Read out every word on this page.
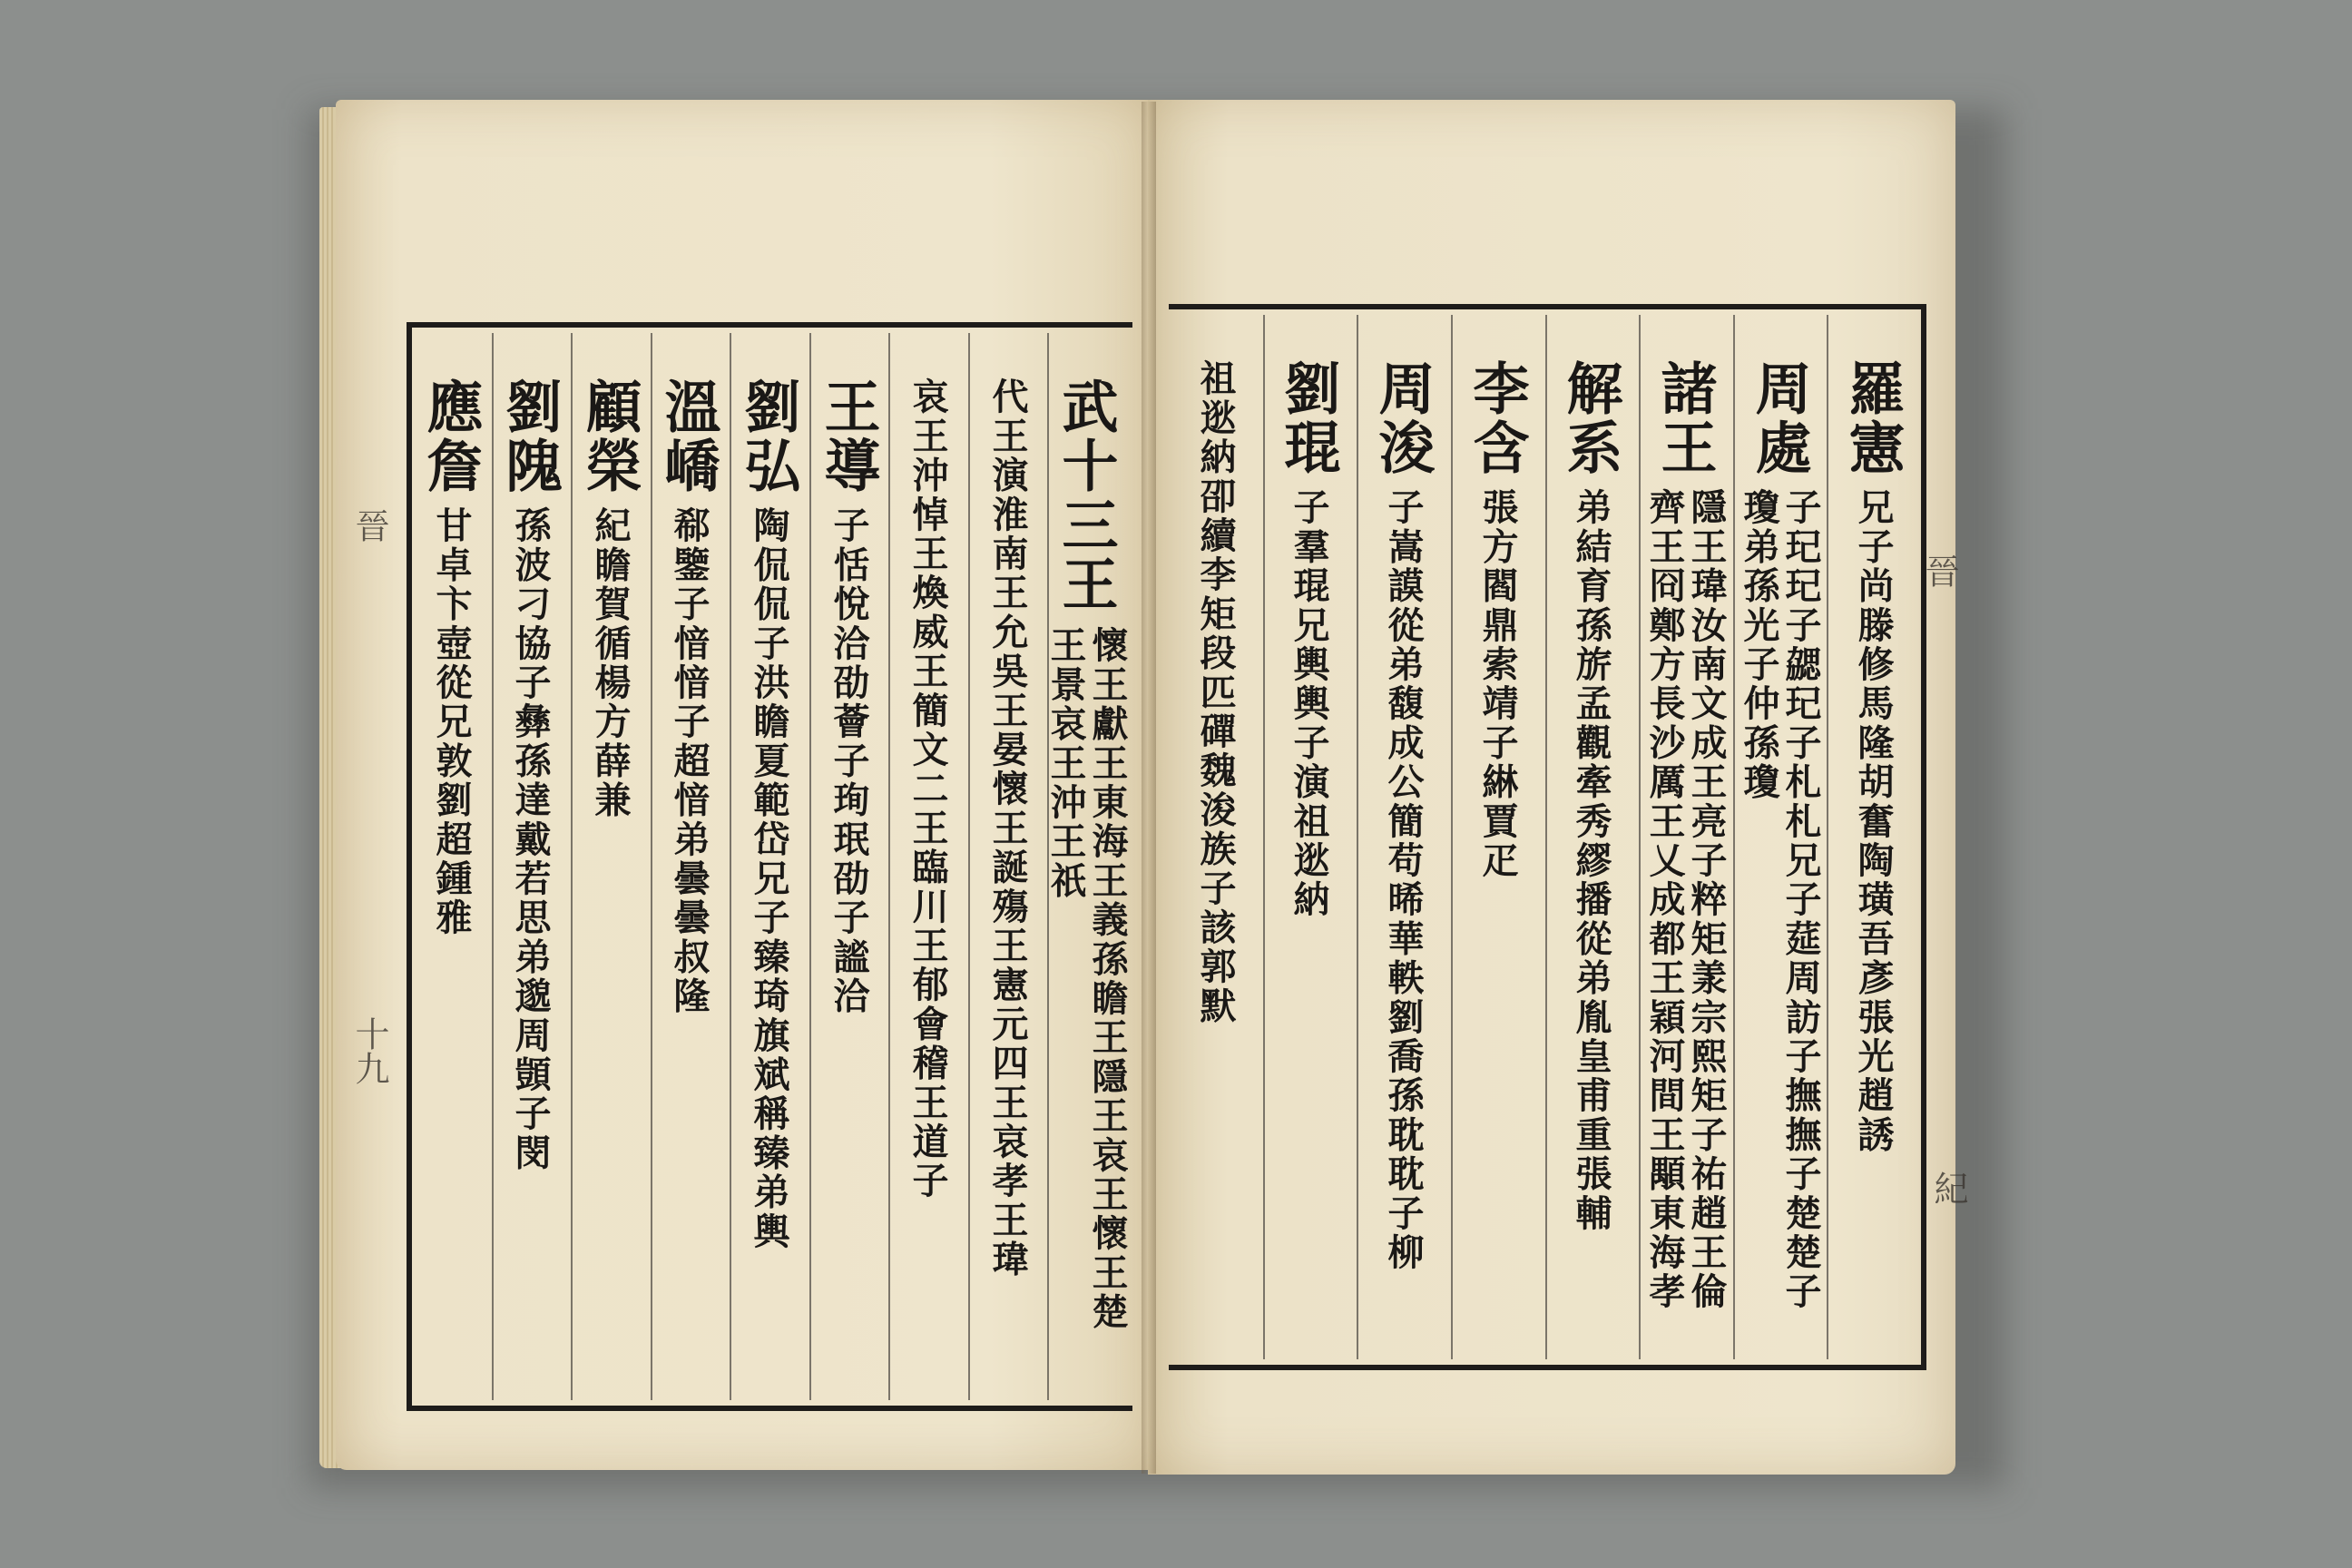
晉
十九
晉
紀
武十三王
懷王獻王東海王義孫瞻王隱王哀王懷王楚
王景哀王沖王祇
代王演淮南王允吳王晏懷王誕殤王憲元四王哀孝王瑋
哀王沖悼王煥威王簡文二王臨川王郁會稽王道子
王導
子恬悅洽劭薈子珣珉劭子謐洽
劉弘
陶侃侃子洪瞻夏範岱兄子臻琦旗斌稱臻弟輿
溫嶠
郗鑒子愔愔子超愔弟曇曇叔隆
顧榮
紀瞻賀循楊方薛兼
劉隗
孫波刁協子彝孫達戴若思弟邈周顗子閔
應詹
甘卓卞壺從兄敦劉超鍾雅
羅憲
兄子尚滕修馬隆胡奮陶璜吾彥張光趙誘
周處
子玘玘子勰玘子札札兄子莚周訪子撫撫子楚楚子
瓊弟孫光子仲孫瓊
諸王
隱王瑋汝南文成王亮子粹矩羕宗熙矩子祐趙王倫
齊王冏鄭方長沙厲王乂成都王穎河間王顒東海孝
解系
弟結育孫旂孟觀牽秀繆播從弟胤皇甫重張輔
李含
張方閻鼎索靖子綝賈疋
周浚
子嵩謨從弟馥成公簡苟晞華軼劉喬孫耽耽子柳
劉琨
子羣琨兄輿輿子演祖逖納
祖逖納卲續李矩段匹磾魏浚族子該郭默
